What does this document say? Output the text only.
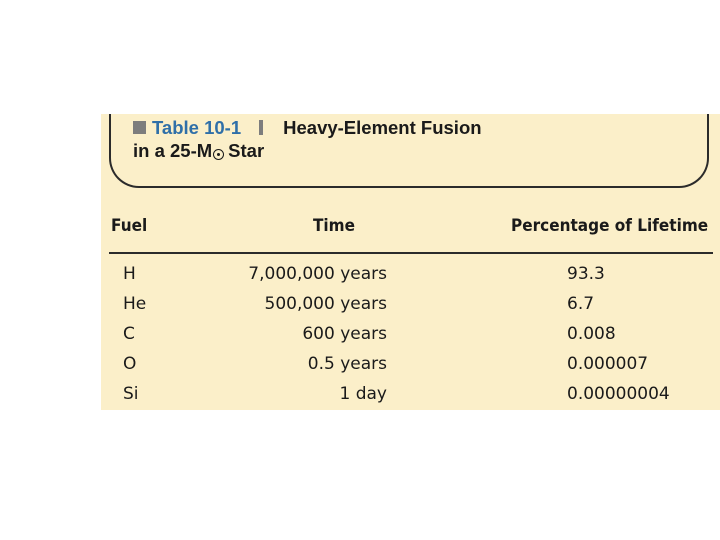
Table 10-1 Heavy-Element Fusion
in a 25-M Star
Fuel	Time	Percentage of Lifetime
H	7,000,000 years	93.3
He	500,000 years	6.7
C	600 years	0.008
O	0.5 years	0.000007
Si	1 day	0.00000004
